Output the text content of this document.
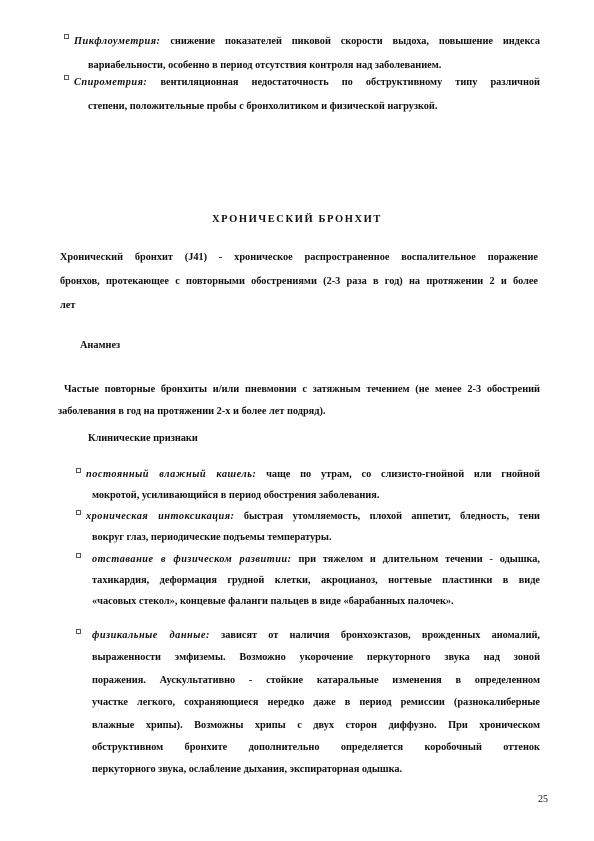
Пикфлоуметрия: снижение показателей пиковой скорости выдоха, повышение индекса
вариабельности, особенно в период отсутствия контроля над заболеванием.
Спирометрия: вентиляционная недостаточность по обструктивному типу различной
степени, положительные пробы с бронхолитиком и физической нагрузкой.
ХРОНИЧЕСКИЙ БРОНХИТ
Хронический бронхит (J41) - хроническое распространенное воспалительное поражение
бронхов, протекающее с повторными обострениями (2-3 раза в год) на протяжении 2 и более
лет
Анамнез
Частые повторные бронхиты и/или пневмонии с затяжным течением (не менее 2-3 обострений
заболевания в год на протяжении 2-х и более лет подряд).
Клинические признаки
постоянный влажный кашель: чаще по утрам, со слизисто-гнойной или гнойной
мокротой, усиливающийся в период обострения заболевания.
хроническая интоксикация: быстрая утомляемость, плохой аппетит, бледность, тени
вокруг глаз, периодические подъемы температуры.
отставание в физическом развитии: при тяжелом и длительном течении - одышка,
тахикардия, деформация грудной клетки, акроцианоз, ногтевые пластинки в виде
«часовых стекол», концевые фаланги пальцев в виде «барабанных палочек».
физикальные данные: зависят от наличия бронхоэктазов, врожденных аномалий,
выраженности эмфиземы. Возможно укорочение перкуторного звука над зоной
поражения. Аускультативно - стойкие катаральные изменения в определенном
участке легкого, сохраняющиеся нередко даже в период ремиссии (разнокалиберные
влажные хрипы). Возможны хрипы с двух сторон диффузно. При хроническом
обструктивном бронхите дополнительно определяется коробочный оттенок
перкуторного звука, ослабление дыхания, экспираторная одышка.
25
